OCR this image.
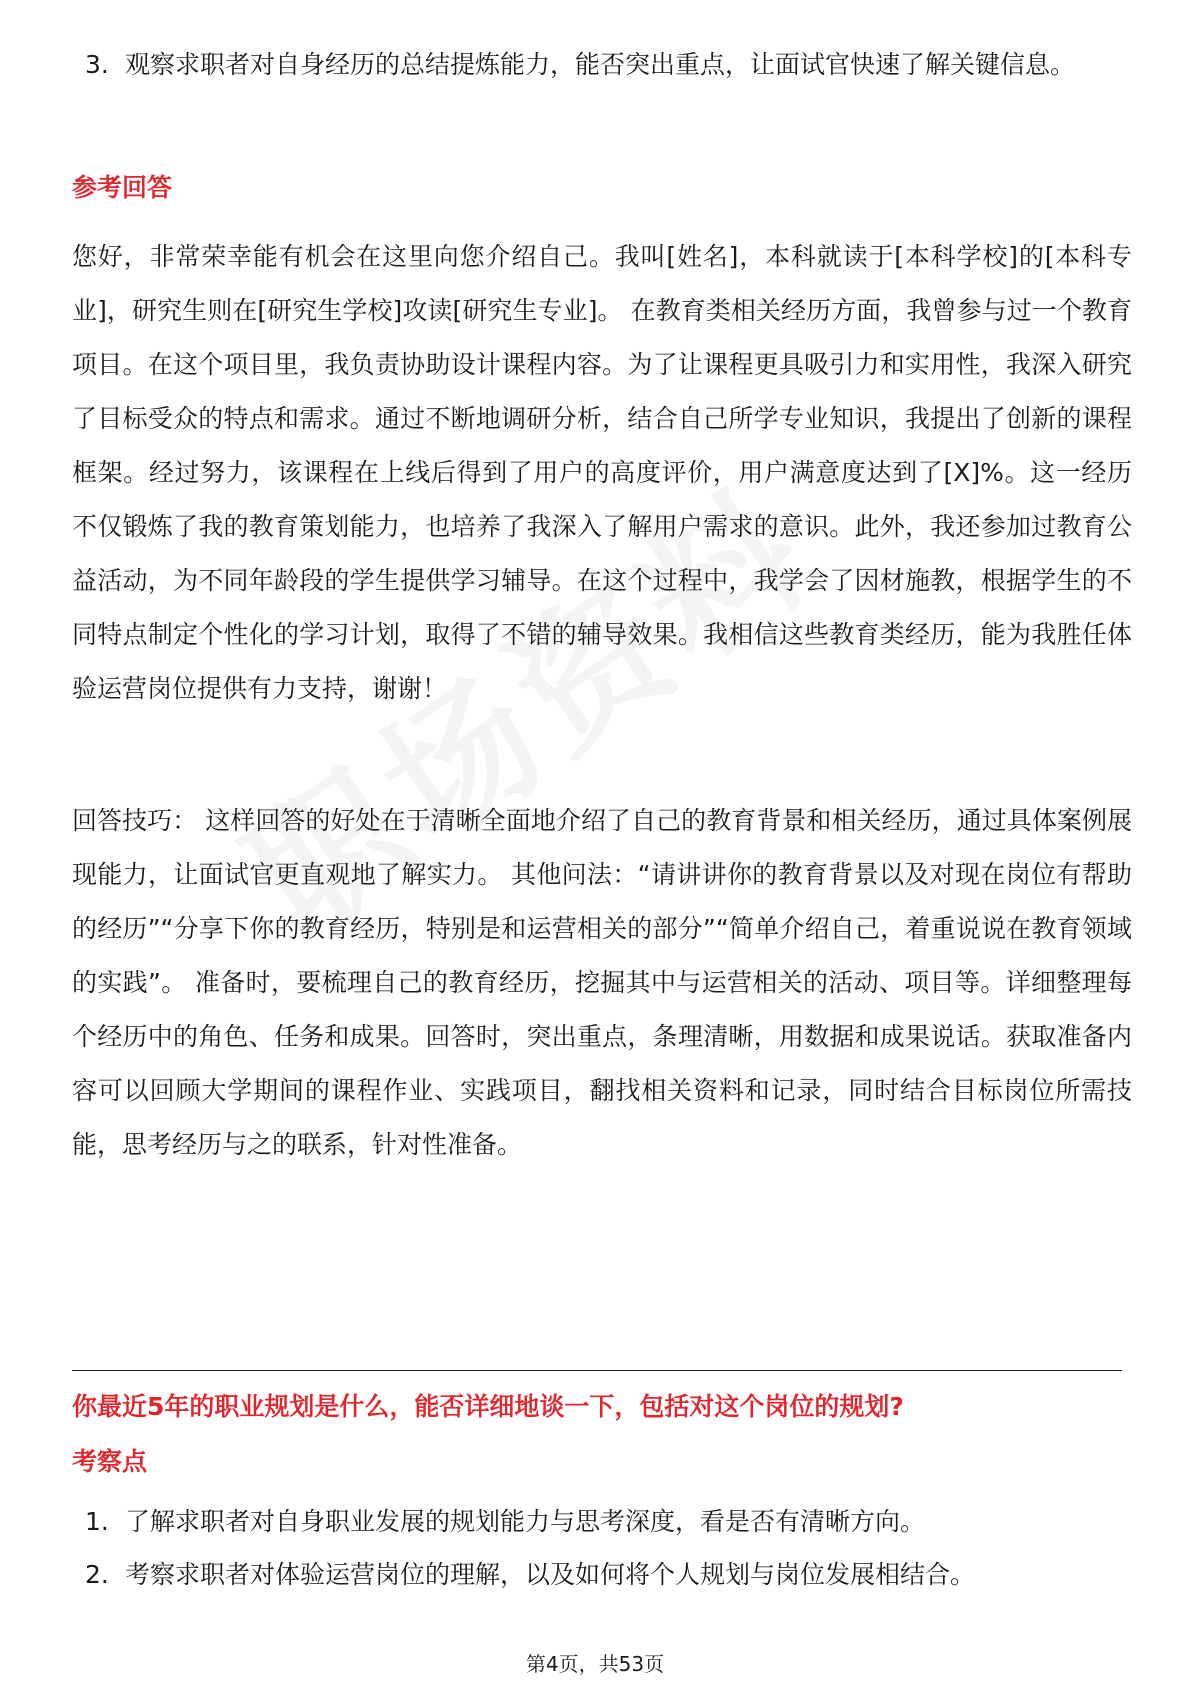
3. 观察求职者对自身经历的总结提炼能力，能否突出重点，让面试官快速了解关键信息。
参考回答
您好，非常荣幸能有机会在这里向您介绍自己。我叫[姓名]，本科就读于[本科学校]的[本科专业]，研究生则在[研究生学校]攻读[研究生专业]。 在教育类相关经历方面，我曾参与过一个教育项目。在这个项目里，我负责协助设计课程内容。为了让课程更具吸引力和实用性，我深入研究了目标受众的特点和需求。通过不断地调研分析，结合自己所学专业知识，我提出了创新的课程框架。经过努力，该课程在上线后得到了用户的高度评价，用户满意度达到了[X]%。这一经历不仅锻炼了我的教育策划能力，也培养了我深入了解用户需求的意识。此外，我还参加过教育公益活动，为不同年龄段的学生提供学习辅导。在这个过程中，我学会了因材施教，根据学生的不同特点制定个性化的学习计划，取得了不错的辅导效果。我相信这些教育类经历，能为我胜任体验运营岗位提供有力支持，谢谢！
回答技巧： 这样回答的好处在于清晰全面地介绍了自己的教育背景和相关经历，通过具体案例展现能力，让面试官更直观地了解实力。 其他问法：“请讲讲你的教育背景以及对现在岗位有帮助的经历”“分享下你的教育经历，特别是和运营相关的部分”“简单介绍自己，着重说说在教育领域的实践”。 准备时，要梳理自己的教育经历，挖掘其中与运营相关的活动、项目等。详细整理每个经历中的角色、任务和成果。回答时，突出重点，条理清晰，用数据和成果说话。获取准备内容可以回顾大学期间的课程作业、实践项目，翻找相关资料和记录，同时结合目标岗位所需技能，思考经历与之的联系，针对性准备。
你最近5年的职业规划是什么，能否详细地谈一下，包括对这个岗位的规划?
考察点
1. 了解求职者对自身职业发展的规划能力与思考深度，看是否有清晰方向。
2. 考察求职者对体验运营岗位的理解，以及如何将个人规划与岗位发展相结合。
第4页，共53页
